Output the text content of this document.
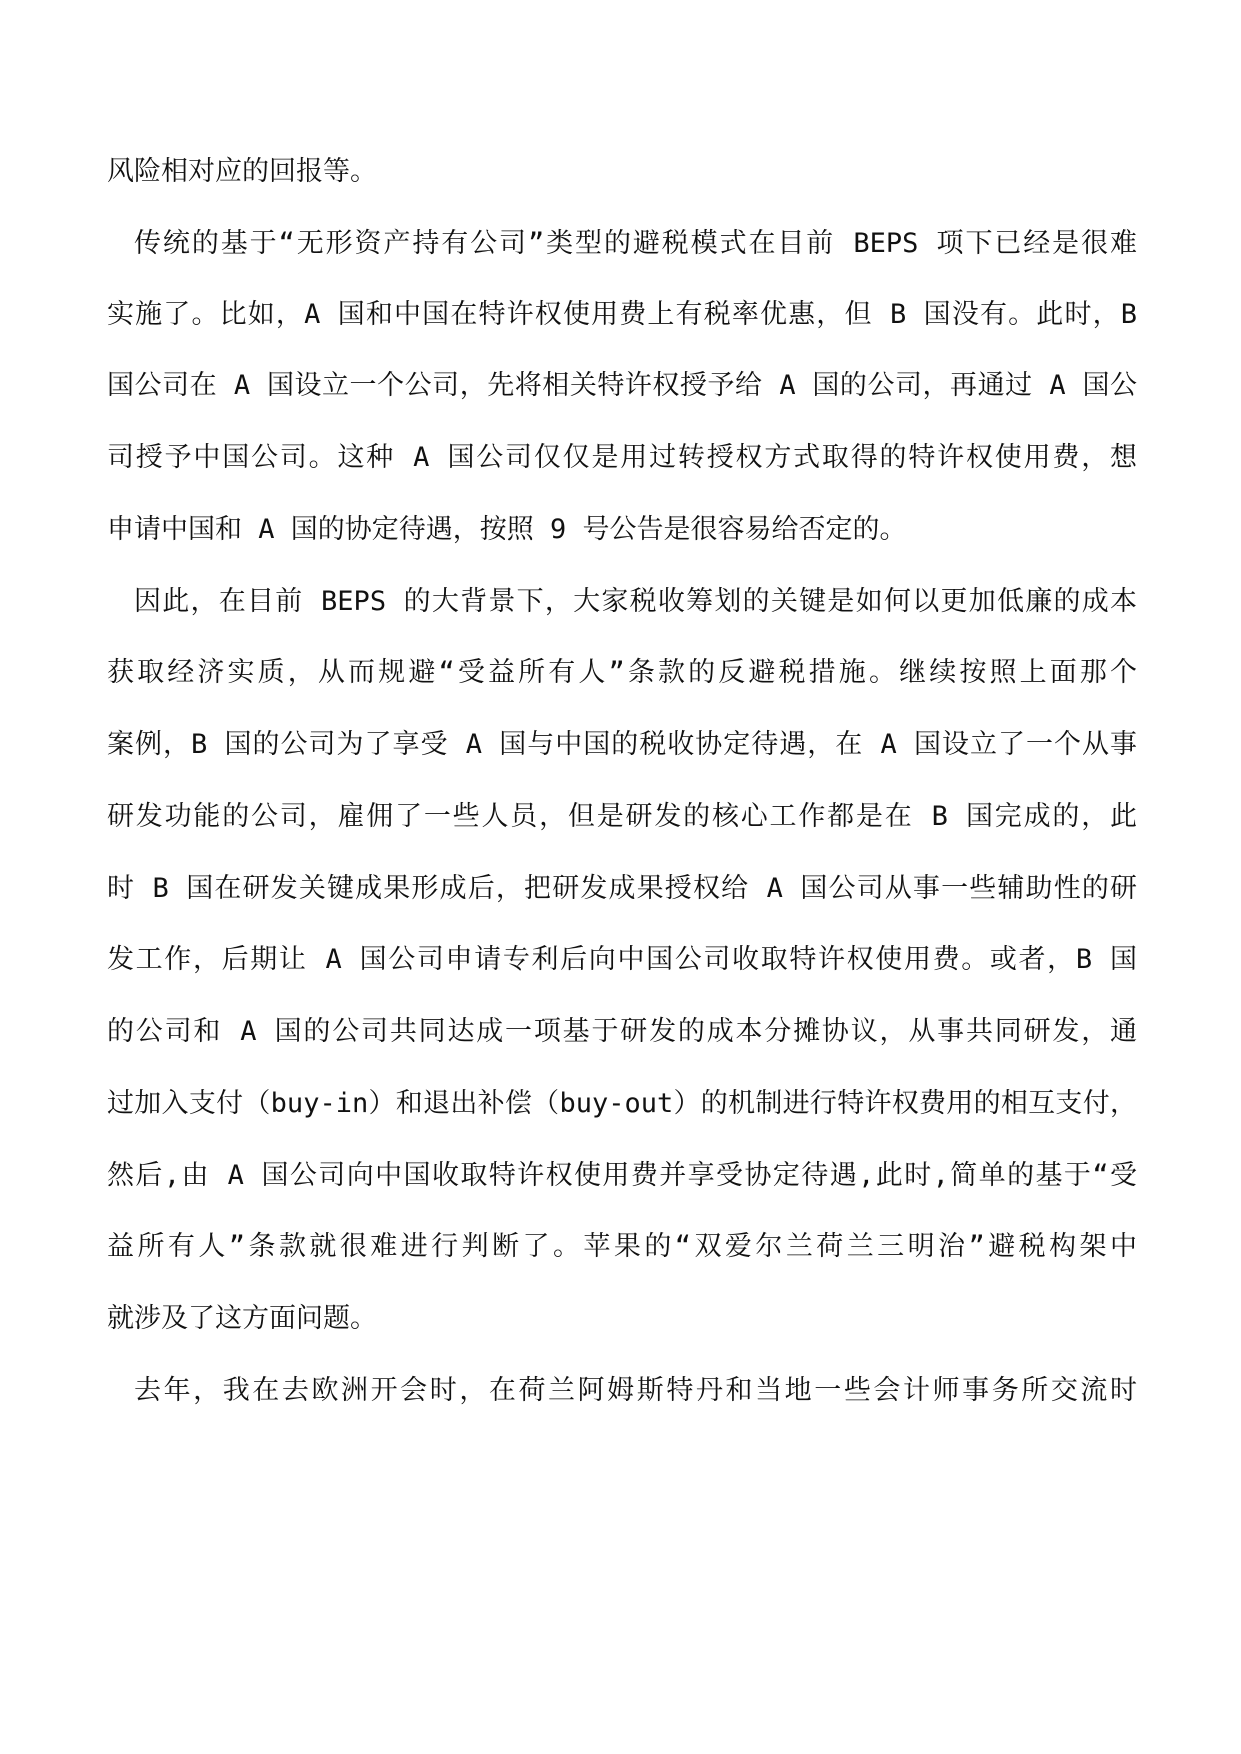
风险相对应的回报等。
传统的基于“无形资产持有公司”类型的避税模式在目前 BEPS 项下已经是很难
实施了。比如，A 国和中国在特许权使用费上有税率优惠，但 B 国没有。此时，B
国公司在 A 国设立一个公司，先将相关特许权授予给 A 国的公司，再通过 A 国公
司授予中国公司。这种 A 国公司仅仅是用过转授权方式取得的特许权使用费，想
申请中国和 A 国的协定待遇，按照 9 号公告是很容易给否定的。
因此，在目前 BEPS 的大背景下，大家税收筹划的关键是如何以更加低廉的成本
获取经济实质，从而规避“受益所有人”条款的反避税措施。继续按照上面那个
案例，B 国的公司为了享受 A 国与中国的税收协定待遇，在 A 国设立了一个从事
研发功能的公司，雇佣了一些人员，但是研发的核心工作都是在 B 国完成的，此
时 B 国在研发关键成果形成后，把研发成果授权给 A 国公司从事一些辅助性的研
发工作，后期让 A 国公司申请专利后向中国公司收取特许权使用费。或者，B 国
的公司和 A 国的公司共同达成一项基于研发的成本分摊协议，从事共同研发，通
过加入支付（buy-in）和退出补偿（buy-out）的机制进行特许权费用的相互支付，
然后,由 A 国公司向中国收取特许权使用费并享受协定待遇,此时,简单的基于“受
益所有人”条款就很难进行判断了。苹果的“双爱尔兰荷兰三明治”避税构架中
就涉及了这方面问题。
去年，我在去欧洲开会时，在荷兰阿姆斯特丹和当地一些会计师事务所交流时
